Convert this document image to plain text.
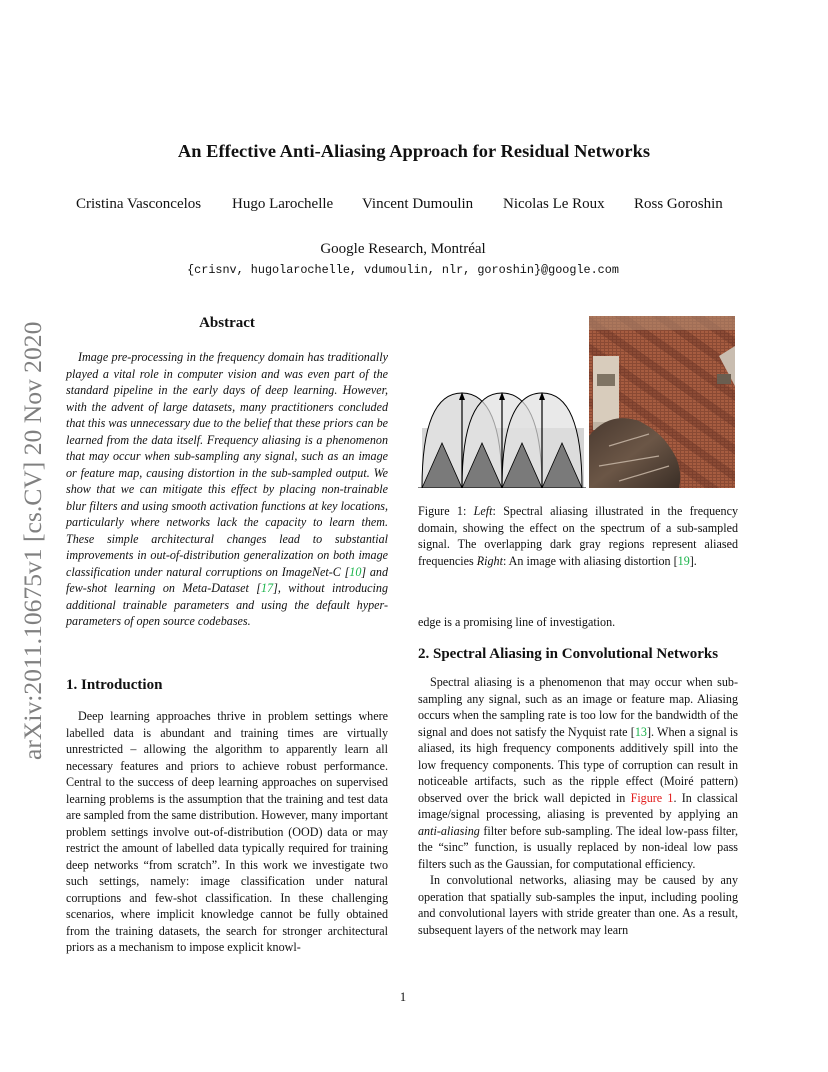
An Effective Anti-Aliasing Approach for Residual Networks
Cristina Vasconcelos Hugo Larochelle Vincent Dumoulin Nicolas Le Roux Ross Goroshin
Google Research, Montréal
{crisnv, hugolarochelle, vdumoulin, nlr, goroshin}@google.com
arXiv:2011.10675v1 [cs.CV] 20 Nov 2020	Abstract
Image pre-processing in the frequency domain has traditionally played a vital role in computer vision and was even part of the standard pipeline in the early days of deep learning. However, with the advent of large datasets, many practitioners concluded that this was unnecessary due to the belief that these priors can be learned from the data itself. Frequency aliasing is a phenomenon that may occur when sub-sampling any signal, such as an image or feature map, causing distortion in the sub-sampled output. We show that we can mitigate this effect by placing non-trainable blur filters and using smooth activation functions at key locations, particularly where networks lack the capacity to learn them. These simple architectural changes lead to substantial improvements in out-of-distribution generalization on both image classification under natural corruptions on ImageNet-C [10] and few-shot learning on Meta-Dataset [17], without introducing additional trainable parameters and using the default hyper-parameters of open source codebases.
1. Introduction
Deep learning approaches thrive in problem settings where labelled data is abundant and training times are virtually unrestricted – allowing the algorithm to apparently learn all necessary features and priors to achieve robust performance. Central to the success of deep learning approaches on supervised learning problems is the assumption that the training and test data are sampled from the same distribution. However, many important problem settings involve out-of-distribution (OOD) data or may restrict the amount of labelled data typically required for training deep networks “from scratch”. In this work we investigate two such settings, namely: image classification under natural corruptions and few-shot classification. In these challenging scenarios, where implicit knowledge cannot be fully obtained from the training datasets, the search for stronger architectural priors as a mechanism to impose explicit knowl-
Figure 1: Left: Spectral aliasing illustrated in the frequency domain, showing the effect on the spectrum of a sub-sampled signal. The overlapping dark gray regions represent aliased frequencies Right: An image with aliasing distortion [19].
edge is a promising line of investigation.
2. Spectral Aliasing in Convolutional Networks

Spectral aliasing is a phenomenon that may occur when sub-sampling any signal, such as an image or feature map. Aliasing occurs when the sampling rate is too low for the bandwidth of the signal and does not satisfy the Nyquist rate [13]. When a signal is aliased, its high frequency components additively spill into the low frequency components. This type of corruption can result in noticeable artifacts, such as the ripple effect (Moiré pattern) observed over the brick wall depicted in Figure 1. In classical image/signal processing, aliasing is prevented by applying an anti-aliasing filter before sub-sampling. The ideal low-pass filter, the “sinc” function, is usually replaced by non-ideal low pass filters such as the Gaussian, for computational efficiency.

In convolutional networks, aliasing may be caused by any operation that spatially sub-samples the input, including pooling and convolutional layers with stride greater than one. As a result, subsequent layers of the network may learn

1
